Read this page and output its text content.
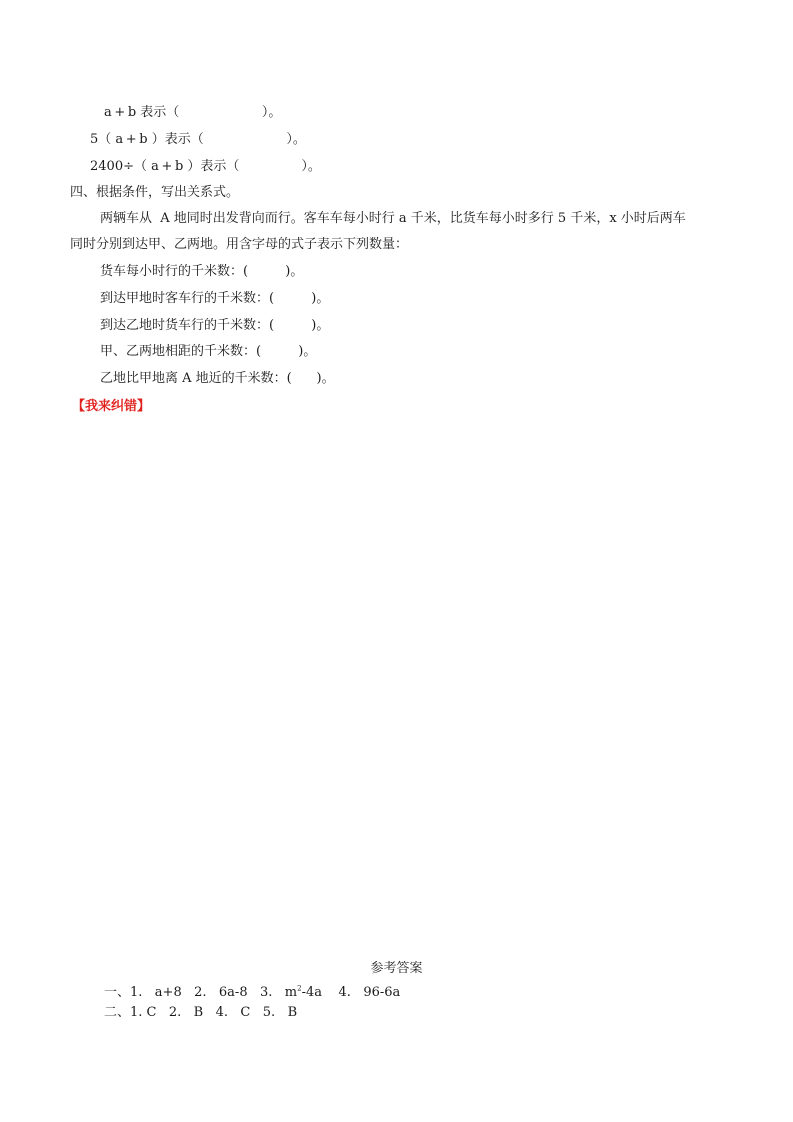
a + b 表示（                    ）。
5（ a + b ）表示（                    ）。
2400÷（ a + b ）表示（               ）。
四、根据条件，写出关系式。
两辆车从  A 地同时出发背向而行。客车车每小时行 a 千米，比货车每小时多行 5 千米，x 小时后两车
同时分别到达甲、乙两地。用含字母的式子表示下列数量：
货车每小时行的千米数：(         )。
到达甲地时客车行的千米数：(         )。
到达乙地时货车行的千米数：(         )。
甲、乙两地相距的千米数：(         )。
乙地比甲地离 A 地近的千米数：(      )。
【我来纠错】
参考答案
一、1.   a+8   2.   6a-8   3.   $m^2-4a$    4.   96-6a
二、1. C   2.   B   4.   C   5.   B
